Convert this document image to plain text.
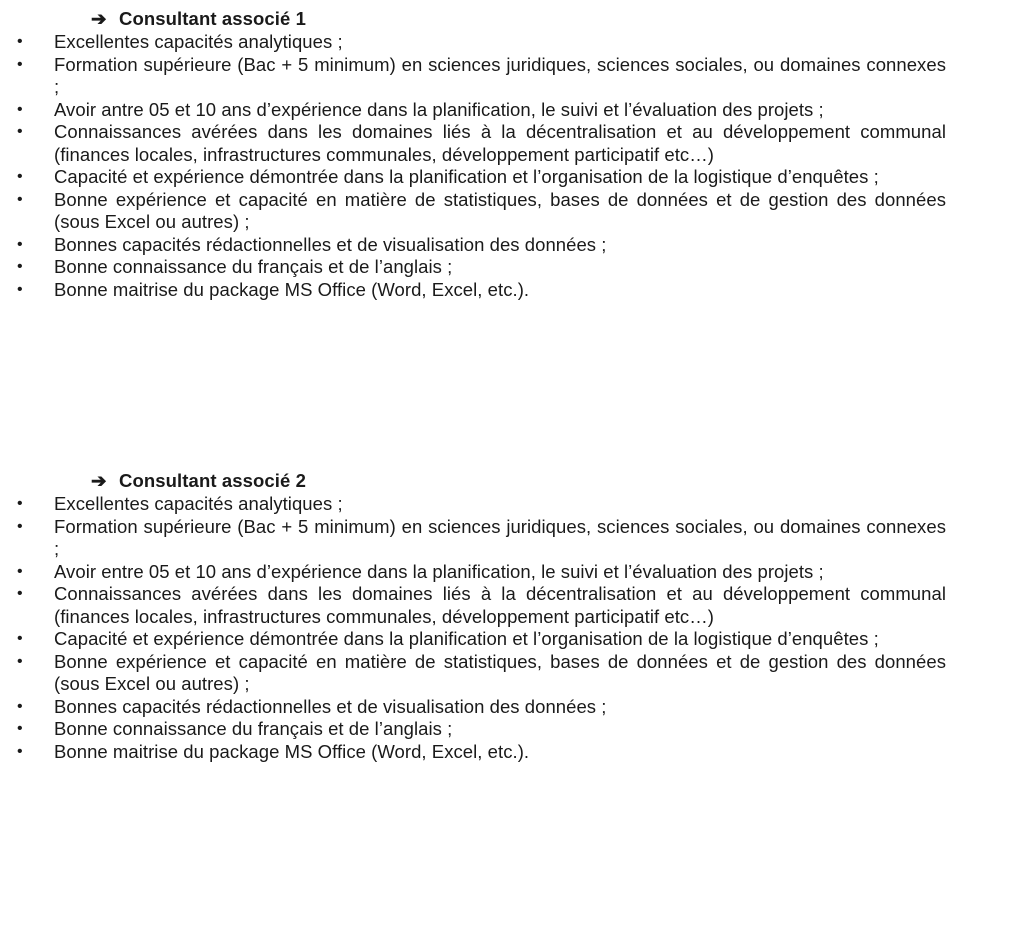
➔ Consultant associé 1
• Excellentes capacités analytiques ;
• Formation supérieure (Bac + 5 minimum) en sciences juridiques, sciences sociales, ou domaines connexes ;
• Avoir antre 05 et 10 ans d’expérience dans la planification, le suivi et l’évaluation des projets ;
• Connaissances avérées dans les domaines liés à la décentralisation et au développement communal (finances locales, infrastructures communales, développement participatif etc…)
• Capacité et expérience démontrée dans la planification et l’organisation de la logistique d’enquêtes ;
• Bonne expérience et capacité en matière de statistiques, bases de données et de gestion des données (sous Excel ou autres) ;
• Bonnes capacités rédactionnelles et de visualisation des données ;
• Bonne connaissance du français et de l’anglais ;
• Bonne maitrise du package MS Office (Word, Excel, etc.).
➔ Consultant associé 2
• Excellentes capacités analytiques ;
• Formation supérieure (Bac + 5 minimum) en sciences juridiques, sciences sociales, ou domaines connexes ;
• Avoir entre 05 et 10 ans d’expérience dans la planification, le suivi et l’évaluation des projets ;
• Connaissances avérées dans les domaines liés à la décentralisation et au développement communal (finances locales, infrastructures communales, développement participatif etc…)
• Capacité et expérience démontrée dans la planification et l’organisation de la logistique d’enquêtes ;
• Bonne expérience et capacité en matière de statistiques, bases de données et de gestion des données (sous Excel ou autres) ;
• Bonnes capacités rédactionnelles et de visualisation des données ;
• Bonne connaissance du français et de l’anglais ;
• Bonne maitrise du package MS Office (Word, Excel, etc.).
